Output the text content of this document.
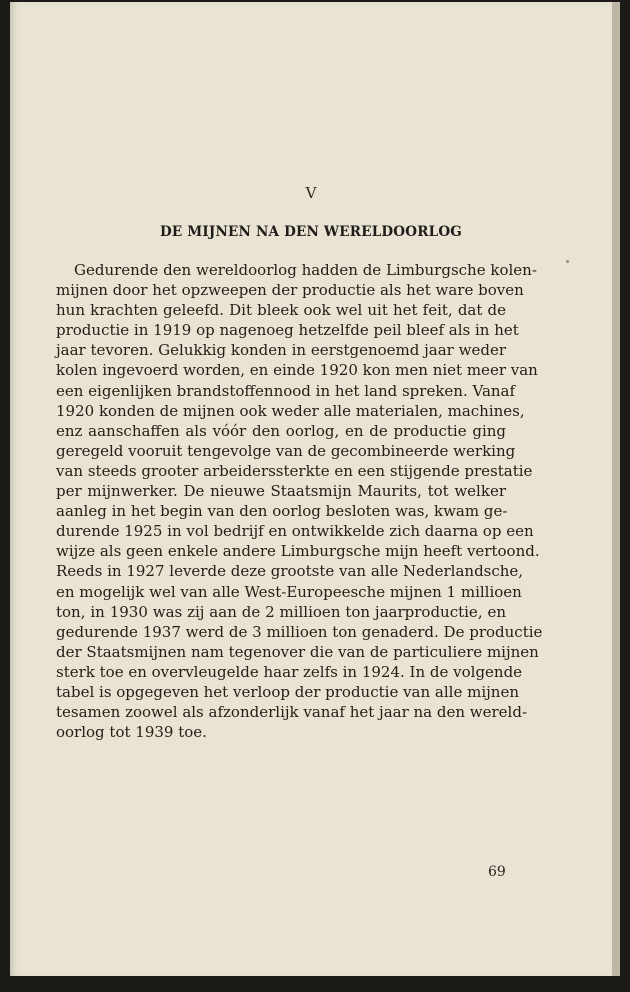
V
DE MIJNEN NA DEN WERELDOORLOG
Gedurende den wereldoorlog hadden de Limburgsche kolen-
mijnen door het opzweepen der productie als het ware boven
hun krachten geleefd. Dit bleek ook wel uit het feit, dat de
productie in 1919 op nagenoeg hetzelfde peil bleef als in het
jaar tevoren. Gelukkig konden in eerstgenoemd jaar weder
kolen ingevoerd worden, en einde 1920 kon men niet meer van
een eigenlijken brandstoffennood in het land spreken. Vanaf
1920 konden de mijnen ook weder alle materialen, machines,
enz aanschaffen als vóór den oorlog, en de productie ging
geregeld vooruit tengevolge van de gecombineerde werking
van steeds grooter arbeiderssterkte en een stijgende prestatie
per mijnwerker. De nieuwe Staatsmijn Maurits, tot welker
aanleg in het begin van den oorlog besloten was, kwam ge-
durende 1925 in vol bedrijf en ontwikkelde zich daarna op een
wijze als geen enkele andere Limburgsche mijn heeft vertoond.
Reeds in 1927 leverde deze grootste van alle Nederlandsche,
en mogelijk wel van alle West-Europeesche mijnen 1 millioen
ton, in 1930 was zij aan de 2 millioen ton jaarproductie, en
gedurende 1937 werd de 3 millioen ton genaderd. De productie
der Staatsmijnen nam tegenover die van de particuliere mijnen
sterk toe en overvleugelde haar zelfs in 1924. In de volgende
tabel is opgegeven het verloop der productie van alle mijnen
tesamen zoowel als afzonderlijk vanaf het jaar na den wereld-
oorlog tot 1939 toe.
69
